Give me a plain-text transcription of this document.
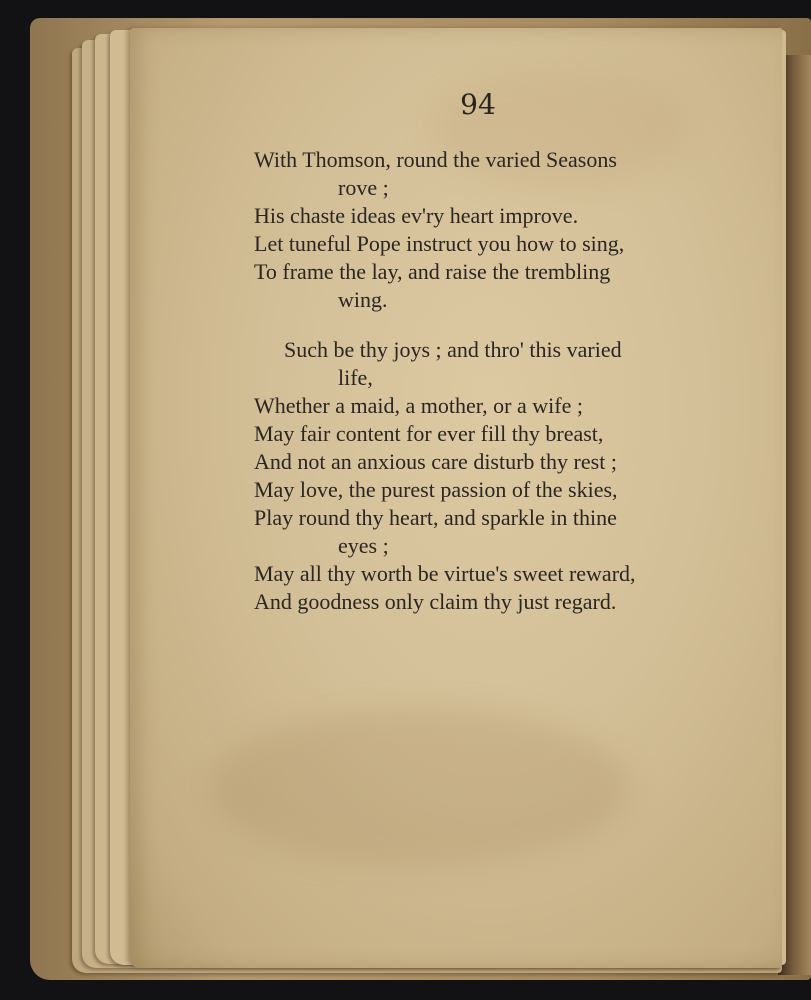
94
With Thomson, round the varied Seasons
rove ;
His chaste ideas ev'ry heart improve.
Let tuneful Pope instruct you how to sing,
To frame the lay, and raise the trembling
wing.
Such be thy joys ; and thro' this varied
life,
Whether a maid, a mother, or a wife ;
May fair content for ever fill thy breast,
And not an anxious care disturb thy rest ;
May love, the purest passion of the skies,
Play round thy heart, and sparkle in thine
eyes ;
May all thy worth be virtue's sweet reward,
And goodness only claim thy just regard.
